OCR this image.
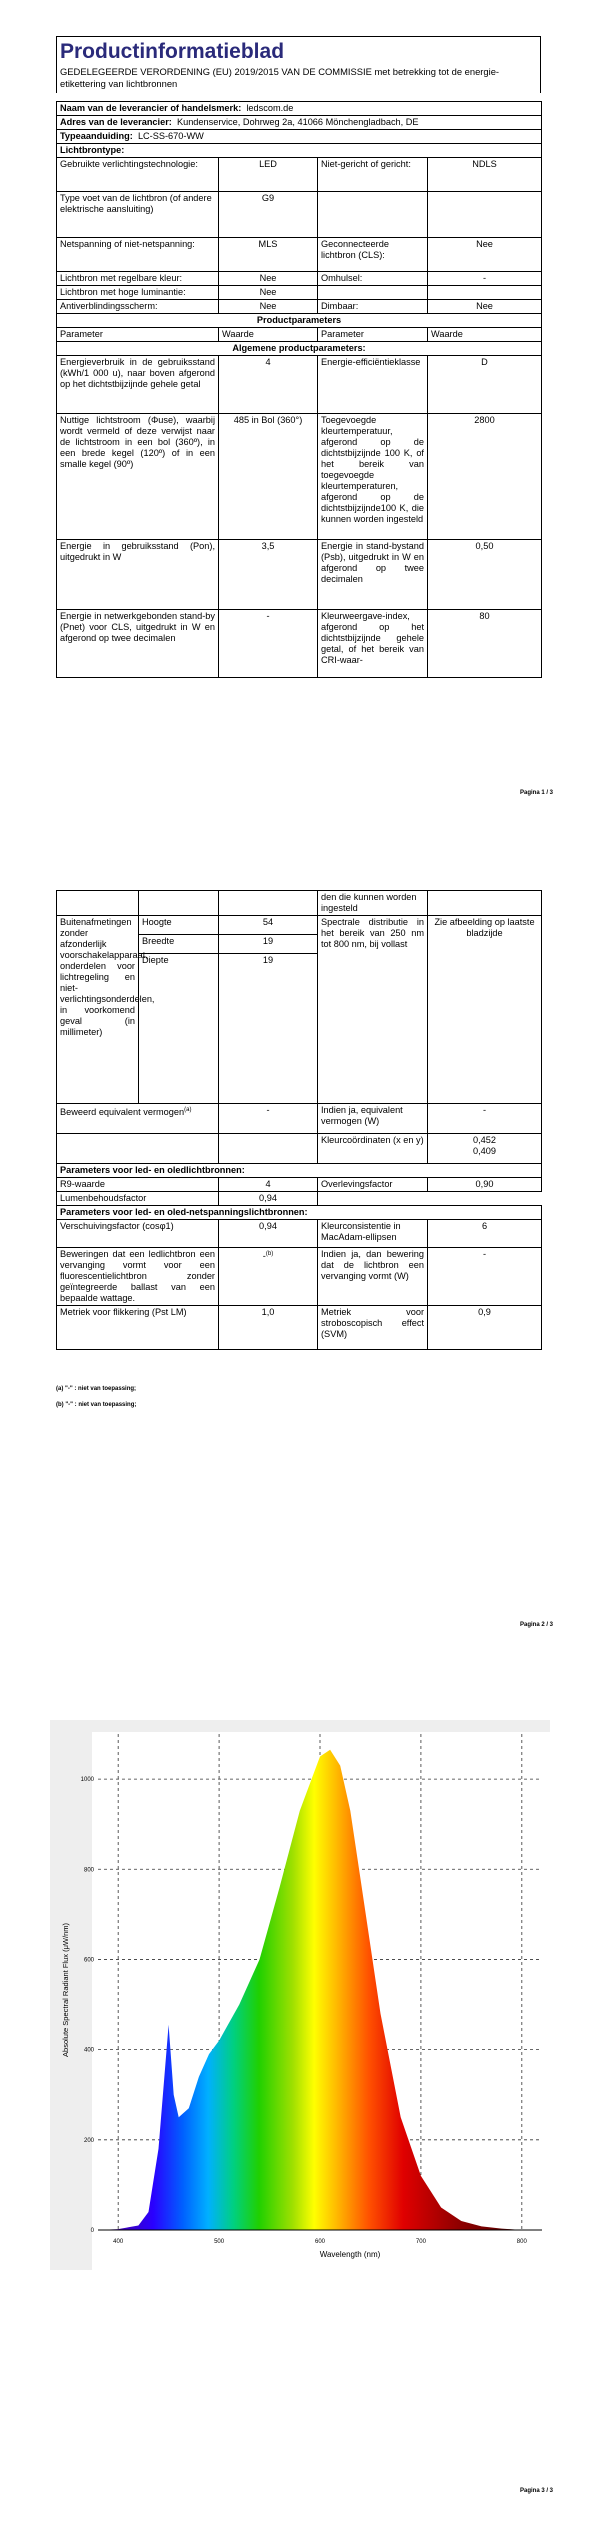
Productinformatieblad
GEDELEGEERDE VERORDENING (EU) 2019/2015 VAN DE COMMISSIE met betrekking tot de energie-etikettering van lichtbronnen
Naam van de leverancier of handelsmerk: ledscom.de			
Adres van de leverancier: Kundenservice, Dohrweg 2a, 41066 Mönchengladbach, DE			
Typeaanduiding: LC-SS-670-WW			
Lichtbrontype:			
Gebruikte verlichtingstechnologie:	LED	Niet-gericht of gericht:	NDLS
Type voet van de lichtbron (of andere elektrische aansluiting)	G9		
Netspanning of niet-netspanning:	MLS	Geconnecteerde lichtbron (CLS):	Nee
Lichtbron met regelbare kleur:	Nee	Omhulsel:	-
Lichtbron met hoge luminantie:	Nee		
Antiverblindingsscherm:	Nee	Dimbaar:	Nee
Productparameters			
Parameter	Waarde	Parameter	Waarde
Algemene productparameters:			
Energieverbruik in de gebruiksstand (kWh/1 000 u), naar boven afgerond op het dichtstbijzijnde gehele getal	4	Energie-efficiëntieklasse	D
Nuttige lichtstroom (Φuse), waarbij wordt vermeld of deze verwijst naar de lichtstroom in een bol (360º), in een brede kegel (120º) of in een smalle kegel (90º)	485 in Bol (360°)	Toegevoegde kleurtemperatuur, afgerond op de dichtstbijzijnde 100 K, of het bereik van toegevoegde kleurtemperaturen, afgerond op de dichtstbijzijnde100 K, die kunnen worden ingesteld	2800
Energie in gebruiksstand (Pon), uitgedrukt in W	3,5	Energie in stand-bystand (Psb), uitgedrukt in W en afgerond op twee decimalen	0,50
Energie in netwerkgebonden stand-by (Pnet) voor CLS, uitgedrukt in W en afgerond op twee decimalen	-	Kleurweergave-index, afgerond op het dichtstbijzijnde gehele getal, of het bereik van CRI-waar-	80
Pagina 1 / 3
			den die kunnen worden ingesteld	
Buitenafmetingen zonder afzonderlijk voorschakelapparaat, onderdelen voor lichtregeling en niet-verlichtingsonderdelen, in voorkomend geval (in millimeter)	Hoogte	54	Spectrale distributie in het bereik van 250 nm tot 800 nm, bij vollast	Zie afbeelding op laatste bladzijde
	Breedte	19		
	Diepte	19		
Beweerd equivalent vermogen$^{(a)}$		-	Indien ja, equivalent vermogen (W)	-
			Kleurcoördinaten (x en y)	0,452
0,409

Parameters voor led- en oledlichtbronnen:				
R9-waarde		4	Overlevingsfactor	0,90
Lumenbehoudsfactor		0,94		
Parameters voor led- en oled-netspanningslichtbronnen:				
Verschuivingsfactor (cosφ1)		0,94	Kleurconsistentie in MacAdam-ellipsen	6
Beweringen dat een ledlichtbron een vervanging vormt voor een fluorescentielichtbron zonder geïntegreerde ballast van een bepaalde wattage.		-$^{(b)}$	Indien ja, dan bewering dat de lichtbron een vervanging vormt (W)	-
Metriek voor flikkering (Pst LM)		1,0	Metriek voor stroboscopisch effect (SVM)	0,9
(a) "-" : niet van toepassing;
(b) "-" : niet van toepassing;
Pagina 2 / 3
400	500	600	700	800
0
200
400
600
800
1000
Wavelength (nm)
Absolute Spectral Radiant Flux (μW/nm)
Pagina 3 / 3
